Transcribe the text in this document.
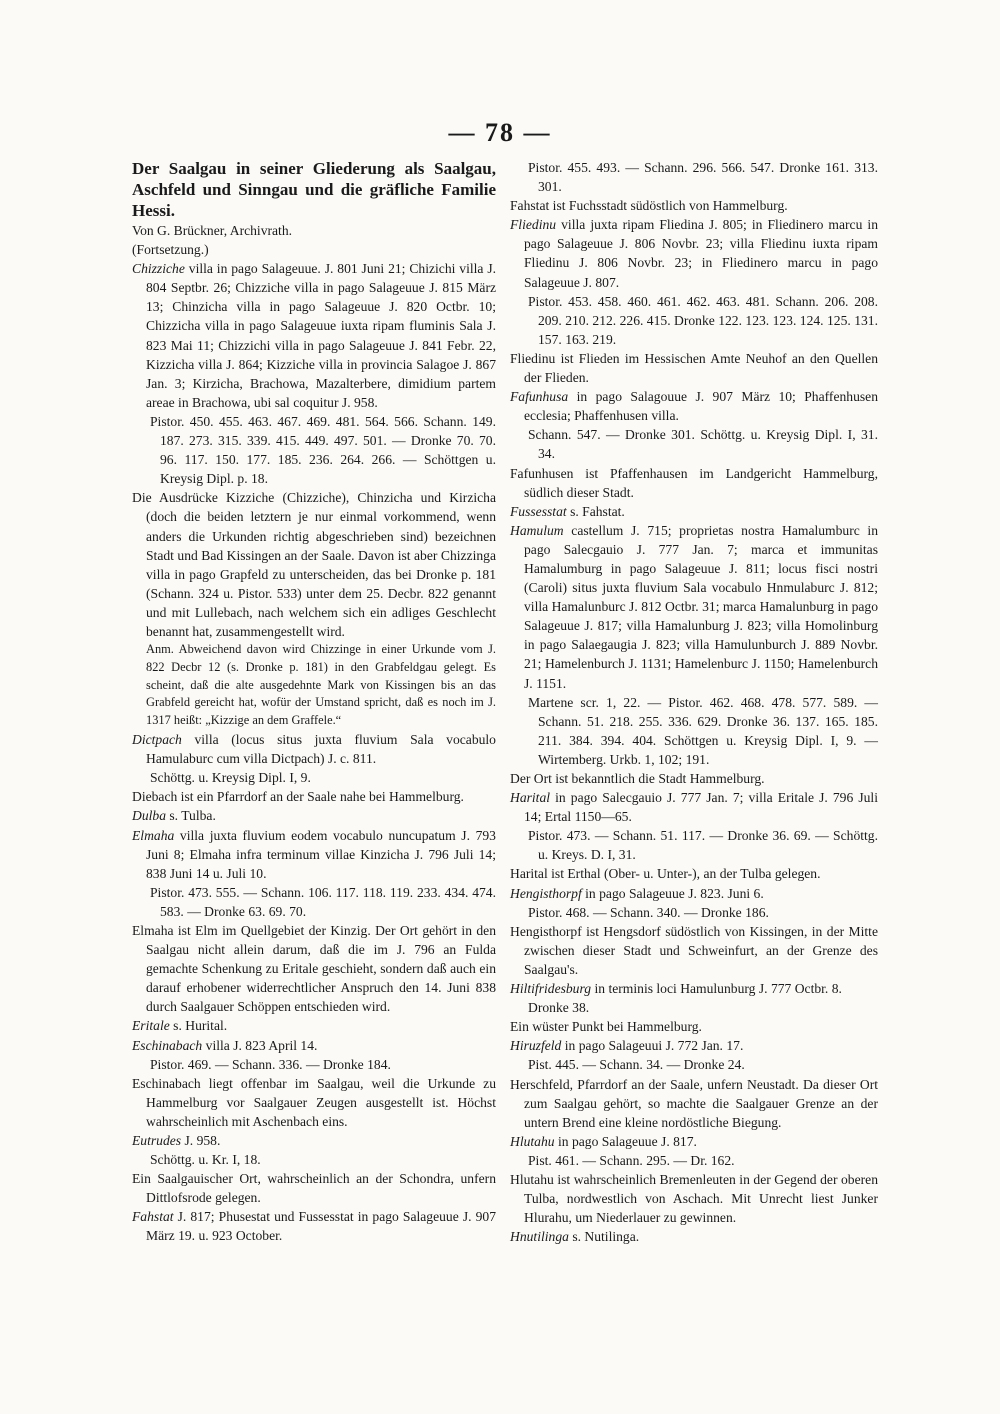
— 78 —

Der Saalgau in seiner Gliederung als Saalgau, Aschfeld und Sinngau und die gräfliche Familie Hessi.

Von G. Brückner, Archivrath.

(Fortsetzung.)

Chizziche villa in pago Salageuue. J. 801 Juni 21; Chizichi villa J. 804 Septbr. 26; Chizziche villa in pago Salageuue J. 815 März 13; Chinzicha villa in pago Salageuue J. 820 Octbr. 10; Chizzicha villa in pago Salageuue iuxta ripam fluminis Sala J. 823 Mai 11; Chizzichi villa in pago Salageuue J. 841 Febr. 22, Kizzicha villa J. 864; Kizziche villa in provincia Salagoe J. 867 Jan. 3; Kirzicha, Brachowa, Mazalterbere, dimidium partem areae in Brachowa, ubi sal coquitur J. 958.

Pistor. 450. 455. 463. 467. 469. 481. 564. 566. Schann. 149. 187. 273. 315. 339. 415. 449. 497. 501. — Dronke 70. 70. 96. 117. 150. 177. 185. 236. 264. 266. — Schöttgen u. Kreysig Dipl. p. 18.

Die Ausdrücke Kizziche (Chizziche), Chinzicha und Kirzicha (doch die beiden letztern je nur einmal vorkommend, wenn anders die Urkunden richtig abgeschrieben sind) bezeichnen Stadt und Bad Kissingen an der Saale. Davon ist aber Chizzinga villa in pago Grapfeld zu unterscheiden, das bei Dronke p. 181 (Schann. 324 u. Pistor. 533) unter dem 25. Decbr. 822 genannt und mit Lullebach, nach welchem sich ein adliges Geschlecht benannt hat, zusammengestellt wird.

Anm. Abweichend davon wird Chizzinge in einer Urkunde vom J. 822 Decbr 12 (s. Dronke p. 181) in den Grabfeldgau gelegt. Es scheint, daß die alte ausgedehnte Mark von Kissingen bis an das Grabfeld gereicht hat, wofür der Umstand spricht, daß es noch im J. 1317 heißt: „Kizzige an dem Graffele.“

Dictpach villa (locus situs juxta fluvium Sala vocabulo Hamulaburc cum villa Dictpach) J. c. 811.

Schöttg. u. Kreysig Dipl. I, 9.

Diebach ist ein Pfarrdorf an der Saale nahe bei Hammelburg.

Dulba s. Tulba.

Elmaha villa juxta fluvium eodem vocabulo nuncupatum J. 793 Juni 8; Elmaha infra terminum villae Kinzicha J. 796 Juli 14; 838 Juni 14 u. Juli 10.

Pistor. 473. 555. — Schann. 106. 117. 118. 119. 233. 434. 474. 583. — Dronke 63. 69. 70.

Elmaha ist Elm im Quellgebiet der Kinzig. Der Ort gehört in den Saalgau nicht allein darum, daß die im J. 796 an Fulda gemachte Schenkung zu Eritale geschieht, sondern daß auch ein darauf erhobener widerrechtlicher Anspruch den 14. Juni 838 durch Saalgauer Schöppen entschieden wird.

Eritale s. Hurital.

Eschinabach villa J. 823 April 14.

Pistor. 469. — Schann. 336. — Dronke 184.

Eschinabach liegt offenbar im Saalgau, weil die Urkunde zu Hammelburg vor Saalgauer Zeugen ausgestellt ist. Höchst wahrscheinlich mit Aschenbach eins.

Eutrudes J. 958.

Schöttg. u. Kr. I, 18.

Ein Saalgauischer Ort, wahrscheinlich an der Schondra, unfern Dittlofsrode gelegen.

Fahstat J. 817; Phusestat und Fussesstat in pago Salageuue J. 907 März 19. u. 923 October.

Pistor. 455. 493. — Schann. 296. 566. 547. Dronke 161. 313. 301.

Fahstat ist Fuchsstadt südöstlich von Hammelburg.

Fliedinu villa juxta ripam Fliedina J. 805; in Fliedinero marcu in pago Salageuue J. 806 Novbr. 23; villa Fliedinu iuxta ripam Fliedinu J. 806 Novbr. 23; in Fliedinero marcu in pago Salageuue J. 807.

Pistor. 453. 458. 460. 461. 462. 463. 481. Schann. 206. 208. 209. 210. 212. 226. 415. Dronke 122. 123. 123. 124. 125. 131. 157. 163. 219.

Fliedinu ist Flieden im Hessischen Amte Neuhof an den Quellen der Flieden.

Fafunhusa in pago Salagouue J. 907 März 10; Phaffenhusen ecclesia; Phaffenhusen villa.

Schann. 547. — Dronke 301. Schöttg. u. Kreysig Dipl. I, 31. 34.

Fafunhusen ist Pfaffenhausen im Landgericht Hammelburg, südlich dieser Stadt.

Fussesstat s. Fahstat.

Hamulum castellum J. 715; proprietas nostra Hamalumburc in pago Salecgauio J. 777 Jan. 7; marca et immunitas Hamalumburg in pago Salageuue J. 811; locus fisci nostri (Caroli) situs juxta fluvium Sala vocabulo Hnmulaburc J. 812; villa Hamalunburc J. 812 Octbr. 31; marca Hamalunburg in pago Salageuue J. 817; villa Hamalunburg J. 823; villa Homolinburg in pago Salaegaugia J. 823; villa Hamulunburch J. 889 Novbr. 21; Hamelenburch J. 1131; Hamelenburc J. 1150; Hamelenburch J. 1151.

Martene scr. 1, 22. — Pistor. 462. 468. 478. 577. 589. — Schann. 51. 218. 255. 336. 629. Dronke 36. 137. 165. 185. 211. 384. 394. 404. Schöttgen u. Kreysig Dipl. I, 9. — Wirtemberg. Urkb. 1, 102; 191.

Der Ort ist bekanntlich die Stadt Hammelburg.

Harital in pago Salecgauio J. 777 Jan. 7; villa Eritale J. 796 Juli 14; Ertal 1150—65.

Pistor. 473. — Schann. 51. 117. — Dronke 36. 69. — Schöttg. u. Kreys. D. I, 31.

Harital ist Erthal (Ober- u. Unter-), an der Tulba gelegen.

Hengisthorpf in pago Salageuue J. 823. Juni 6.

Pistor. 468. — Schann. 340. — Dronke 186.

Hengisthorpf ist Hengsdorf südöstlich von Kissingen, in der Mitte zwischen dieser Stadt und Schweinfurt, an der Grenze des Saalgau's.

Hiltifridesburg in terminis loci Hamulunburg J. 777 Octbr. 8.

Dronke 38.

Ein wüster Punkt bei Hammelburg.

Hiruzfeld in pago Salageuui J. 772 Jan. 17.

Pist. 445. — Schann. 34. — Dronke 24.

Herschfeld, Pfarrdorf an der Saale, unfern Neustadt. Da dieser Ort zum Saalgau gehört, so machte die Saalgauer Grenze an der untern Brend eine kleine nordöstliche Biegung.

Hlutahu in pago Salageuue J. 817.

Pist. 461. — Schann. 295. — Dr. 162.

Hlutahu ist wahrscheinlich Bremenleuten in der Gegend der oberen Tulba, nordwestlich von Aschach. Mit Unrecht liest Junker Hlurahu, um Niederlauer zu gewinnen.

Hnutilinga s. Nutilinga.
